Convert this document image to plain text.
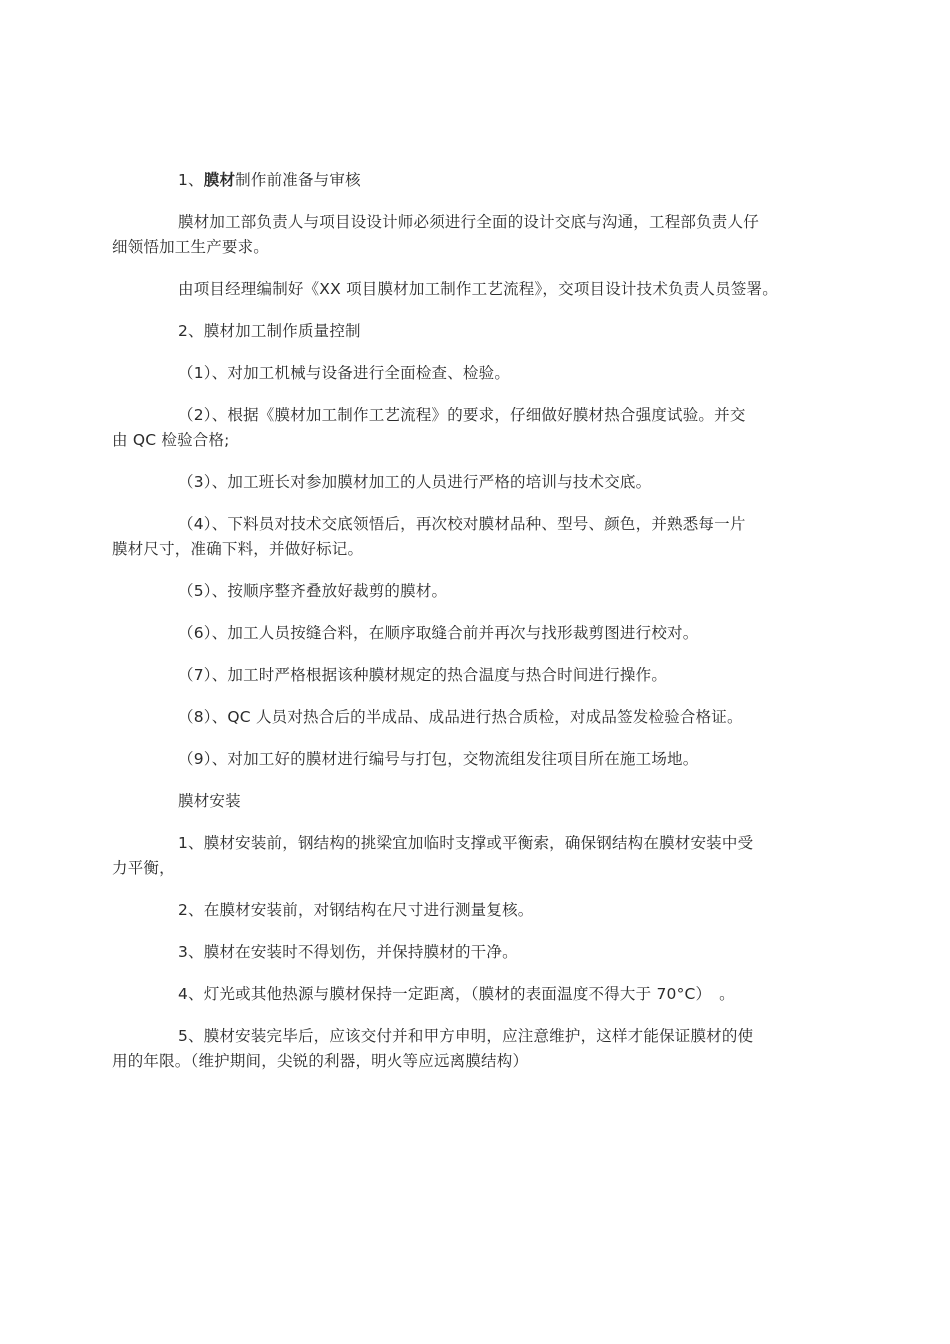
1、膜材制作前准备与审核

膜材加工部负责人与项目设设计师必须进行全面的设计交底与沟通，工程部负责人仔
细领悟加工生产要求。

由项目经理编制好《XX 项目膜材加工制作工艺流程》，交项目设计技术负责人员签署。

2、膜材加工制作质量控制

（1）、对加工机械与设备进行全面检查、检验。

（2）、根据《膜材加工制作工艺流程》的要求，仔细做好膜材热合强度试验。并交
由 QC 检验合格;

（3）、加工班长对参加膜材加工的人员进行严格的培训与技术交底。

（4）、下料员对技术交底领悟后，再次校对膜材品种、型号、颜色，并熟悉每一片
膜材尺寸，准确下料，并做好标记。

（5）、按顺序整齐叠放好裁剪的膜材。

（6）、加工人员按缝合料，在顺序取缝合前并再次与找形裁剪图进行校对。

（7）、加工时严格根据该种膜材规定的热合温度与热合时间进行操作。

（8）、QC 人员对热合后的半成品、成品进行热合质检，对成品签发检验合格证。

（9）、对加工好的膜材进行编号与打包，交物流组发往项目所在施工场地。

膜材安装

1、膜材安装前，钢结构的挑梁宜加临时支撑或平衡索，确保钢结构在膜材安装中受
力平衡，

2、在膜材安装前，对钢结构在尺寸进行测量复核。

3、膜材在安装时不得划伤，并保持膜材的干净。

4、灯光或其他热源与膜材保持一定距离，（膜材的表面温度不得大于 70°C）　。

5、膜材安装完毕后，应该交付并和甲方申明，应注意维护，这样才能保证膜材的使
用的年限。（维护期间，尖锐的利器，明火等应远离膜结构）
